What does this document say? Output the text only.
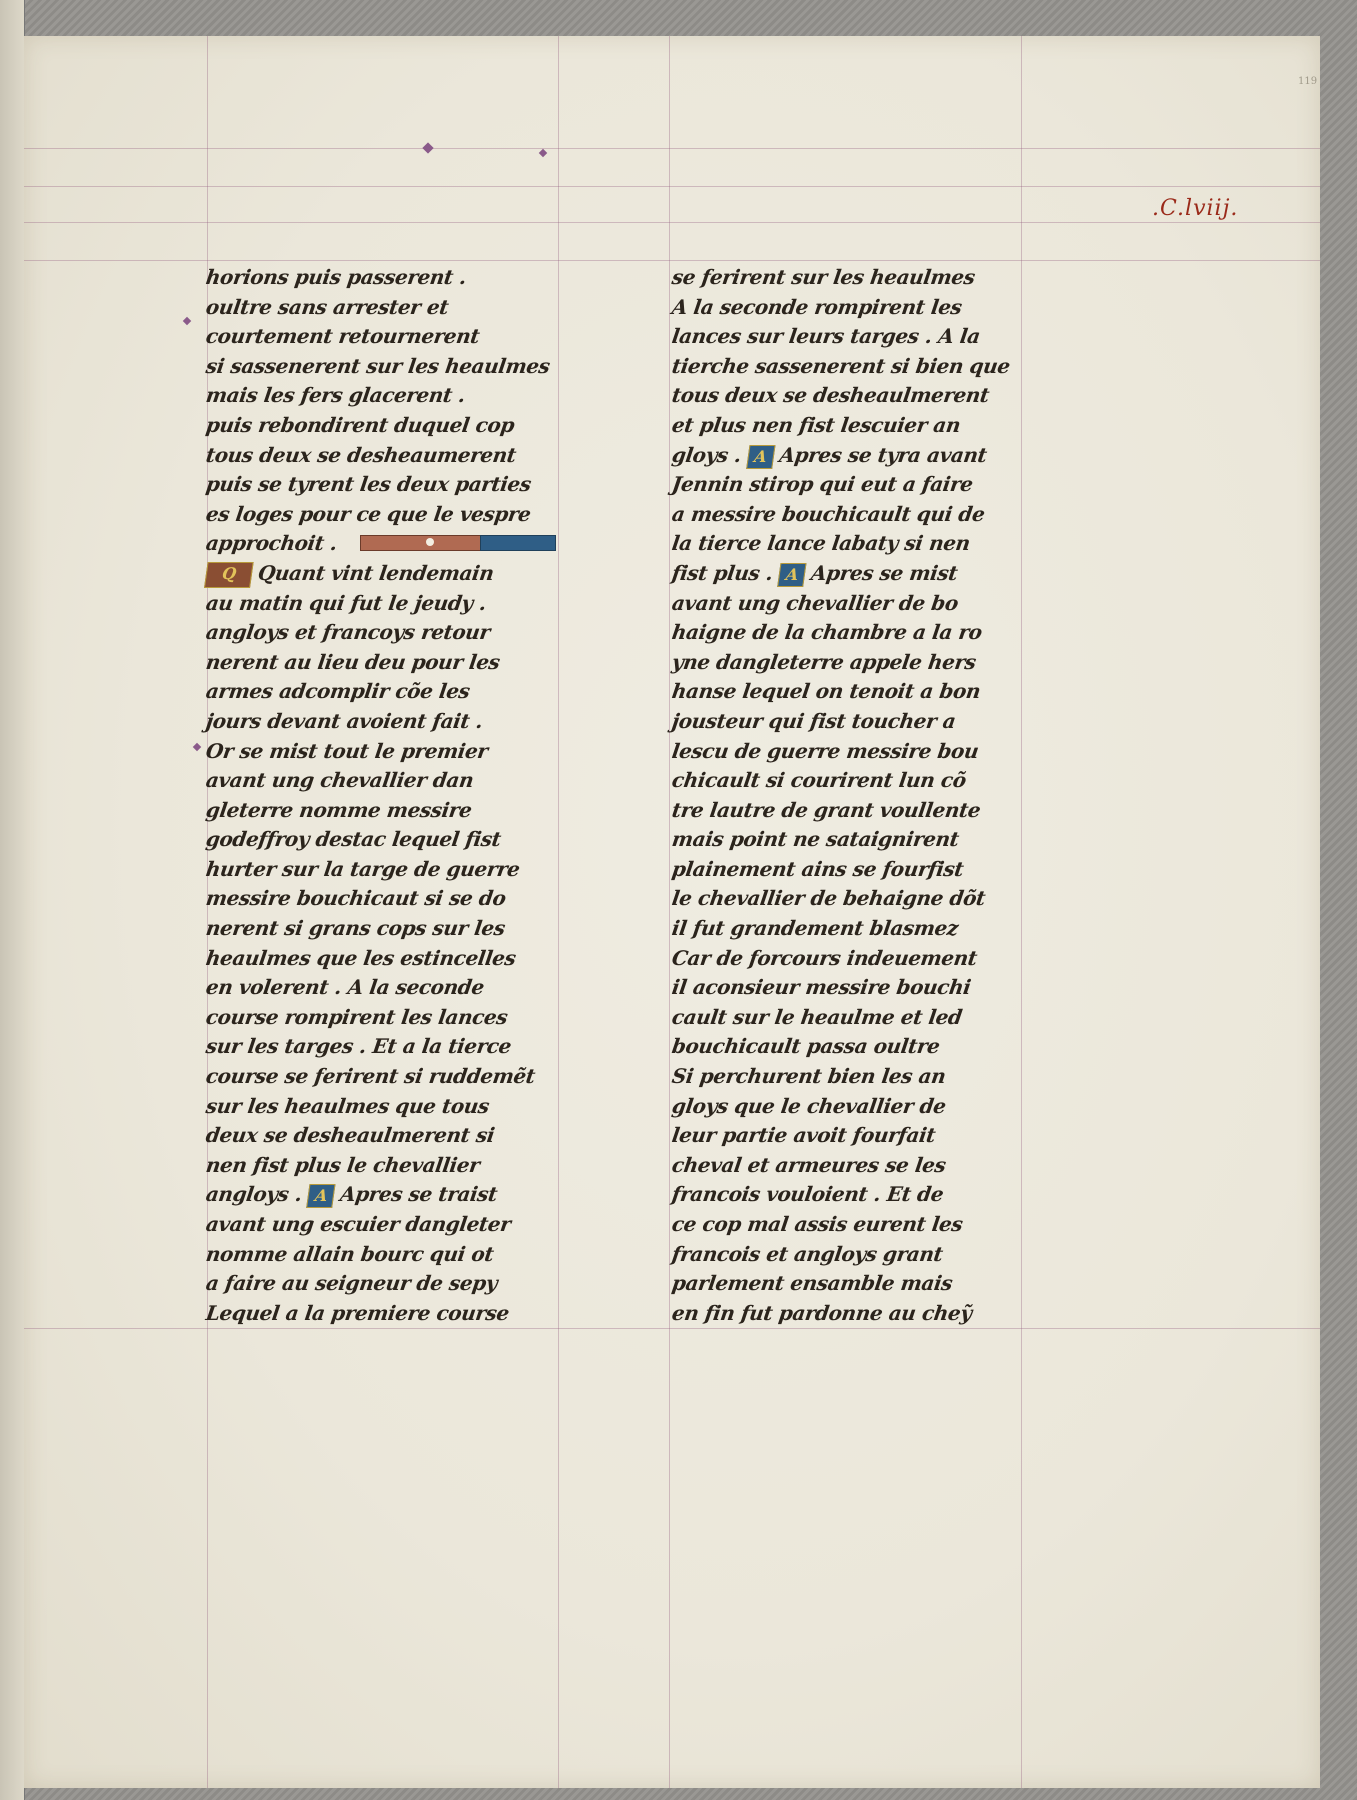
119
.C.lviij.
horions puis passerent .
oultre sans arrester et
courtement retournerent
si sassenerent sur les heaulmes
mais les fers glacerent .
puis rebondirent duquel cop
tous deux se desheaumerent
puis se tyrent les deux parties
es loges pour ce que le vespre
approchoit .
Q Quant vint lendemain
au matin qui fut le jeudy .
angloys et francoys retour
nerent au lieu deu pour les
armes adcomplir cõe les
jours devant avoient fait .
Or se mist tout le premier
avant ung chevallier dan
gleterre nomme messire
godeffroy destac lequel fist
hurter sur la targe de guerre
messire bouchicaut si se do
nerent si grans cops sur les
heaulmes que les estincelles
en volerent . A la seconde
course rompirent les lances
sur les targes . Et a la tierce
course se ferirent si ruddemẽt
sur les heaulmes que tous
deux se desheaulmerent si
nen fist plus le chevallier
angloys . A Apres se traist
avant ung escuier dangleter
nomme allain bourc qui ot
a faire au seigneur de sepy
Lequel a la premiere course
se ferirent sur les heaulmes
A la seconde rompirent les
lances sur leurs targes . A la
tierche sassenerent si bien que
tous deux se desheaulmerent
et plus nen fist lescuier an
gloys . A Apres se tyra avant
Jennin stirop qui eut a faire
a messire bouchicault qui de
la tierce lance labaty si nen
fist plus . A Apres se mist
avant ung chevallier de bo
haigne de la chambre a la ro
yne dangleterre appele hers
hanse lequel on tenoit a bon
jousteur qui fist toucher a
lescu de guerre messire bou
chicault si courirent lun cõ
tre lautre de grant voullente
mais point ne sataignirent
plainement ains se fourfist
le chevallier de behaigne dõt
il fut grandement blasmez
Car de forcours indeuement
il aconsieur messire bouchi
cault sur le heaulme et led
bouchicault passa oultre
Si perchurent bien les an
gloys que le chevallier de
leur partie avoit fourfait
cheval et armeures se les
francois vouloient . Et de
ce cop mal assis eurent les
francois et angloys grant
parlement ensamble mais
en fin fut pardonne au cheỹ
